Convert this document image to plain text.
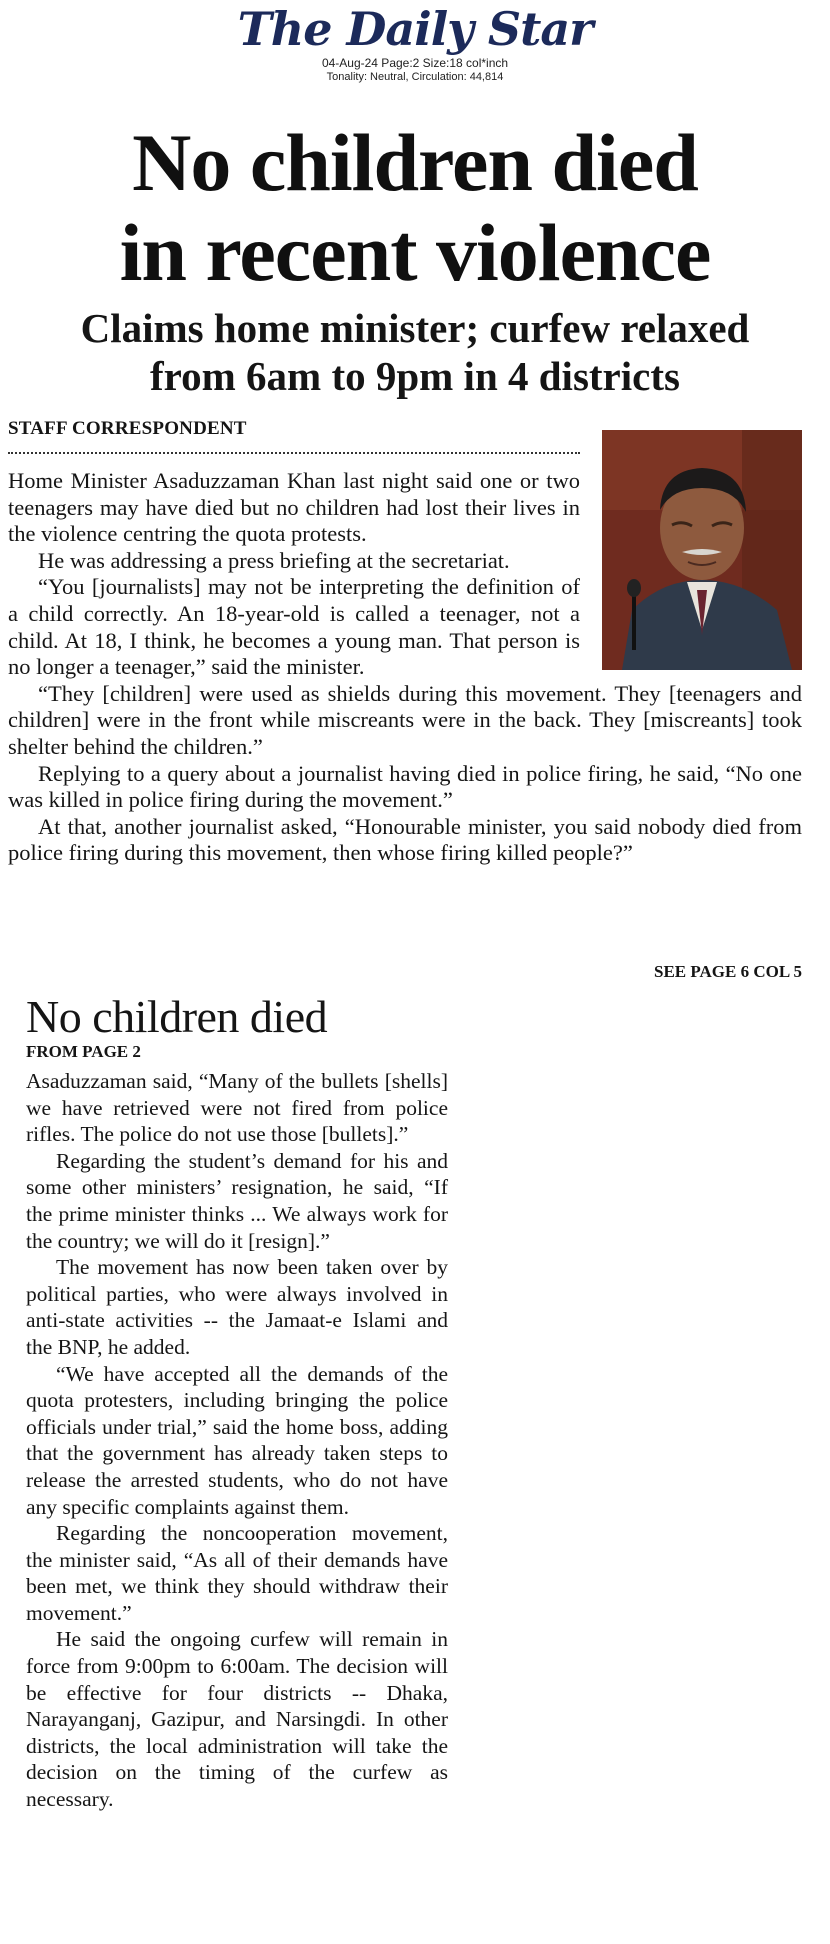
The Daily Star
04-Aug-24 Page:2 Size:18 col*inch
Tonality: Neutral, Circulation: 44,814
No children died
in recent violence
Claims home minister; curfew relaxed
from 6am to 9pm in 4 districts
STAFF CORRESPONDENT

Home Minister Asaduzzaman Khan last night said one or two teenagers may have died but no children had lost their lives in the violence centring the quota protests.

He was addressing a press briefing at the secretariat.

“You [journalists] may not be interpreting the definition of a child correctly. An 18-year-old is called a teenager, not a child. At 18, I think, he becomes a young man. That person is no longer a teenager,” said the minister.

“They [children] were used as shields during this movement. They [teenagers and children] were in the front while miscreants were in the back. They [miscreants] took shelter behind the children.”

Replying to a query about a journalist having died in police firing, he said, “No one was killed in police firing during the movement.”

At that, another journalist asked, “Honourable minister, you said nobody died from police firing during this movement, then whose firing killed people?”

SEE PAGE 6 COL 5
No children died
FROM PAGE 2

Asaduzzaman said, “Many of the bullets [shells] we have retrieved were not fired from police rifles. The police do not use those [bullets].”

Regarding the student’s demand for his and some other ministers’ resignation, he said, “If the prime minister thinks ... We always work for the country; we will do it [resign].”

The movement has now been taken over by political parties, who were always involved in anti-state activities -- the Jamaat-e Islami and the BNP, he added.

“We have accepted all the demands of the quota protesters, including bringing the police officials under trial,” said the home boss, adding that the government has already taken steps to release the arrested students, who do not have any specific complaints against them.

Regarding the noncooperation movement, the minister said, “As all of their demands have been met, we think they should withdraw their movement.”

He said the ongoing curfew will remain in force from 9:00pm to 6:00am. The decision will be effective for four districts -- Dhaka, Narayanganj, Gazipur, and Narsingdi. In other districts, the local administration will take the decision on the timing of the curfew as necessary.
